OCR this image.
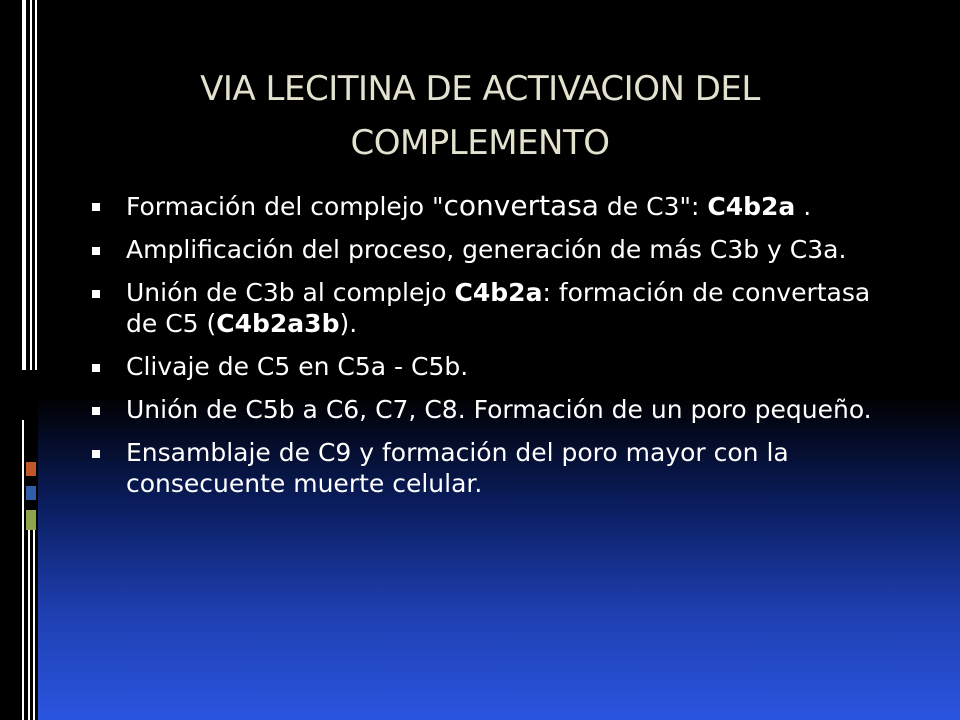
VIA LECITINA DE ACTIVACION DEL
COMPLEMENTO
Formación del complejo "convertasa de C3": C4b2a .
Amplificación del proceso, generación de más C3b y C3a.
Unión de C3b al complejo C4b2a: formación de convertasa de C5 (C4b2a3b).
Clivaje de C5 en C5a - C5b.
Unión de C5b a C6, C7, C8. Formación de un poro pequeño.
Ensamblaje de C9 y formación del poro mayor con la consecuente muerte celular.
